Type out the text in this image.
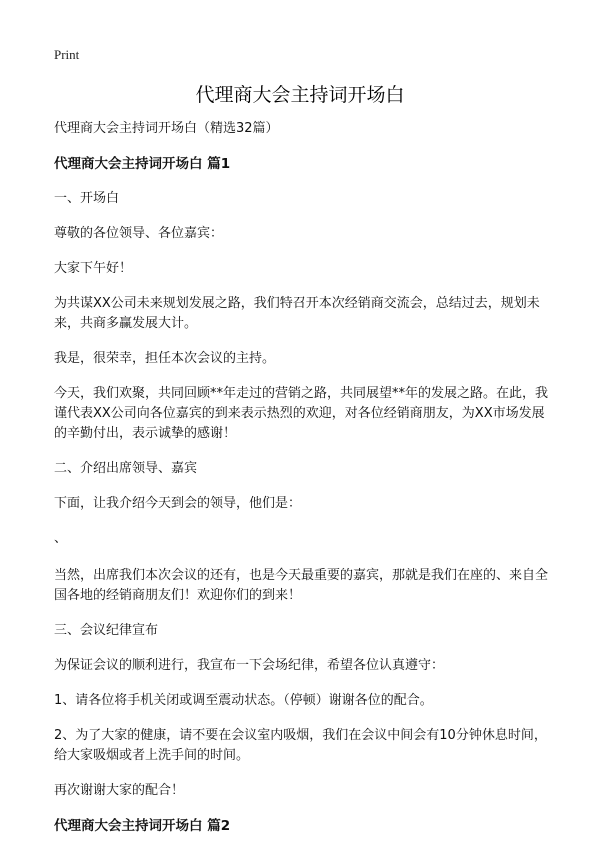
Print
代理商大会主持词开场白
代理商大会主持词开场白（精选32篇）
代理商大会主持词开场白 篇1
一、开场白
尊敬的各位领导、各位嘉宾：
大家下午好！
为共谋XX公司未来规划发展之路，我们特召开本次经销商交流会，总结过去，规划未来，共商多赢发展大计。
我是，很荣幸，担任本次会议的主持。
今天，我们欢聚，共同回顾**年走过的营销之路，共同展望**年的发展之路。在此，我谨代表XX公司向各位嘉宾的到来表示热烈的欢迎，对各位经销商朋友，为XX市场发展的辛勤付出，表示诚挚的感谢！
二、介绍出席领导、嘉宾
下面，让我介绍今天到会的领导，他们是：
、
当然，出席我们本次会议的还有，也是今天最重要的嘉宾，那就是我们在座的、来自全国各地的经销商朋友们！欢迎你们的到来！
三、会议纪律宣布
为保证会议的顺利进行，我宣布一下会场纪律，希望各位认真遵守：
1、请各位将手机关闭或调至震动状态。（停顿）谢谢各位的配合。
2、为了大家的健康，请不要在会议室内吸烟，我们在会议中间会有10分钟休息时间，给大家吸烟或者上洗手间的时间。
再次谢谢大家的配合！
代理商大会主持词开场白 篇2
